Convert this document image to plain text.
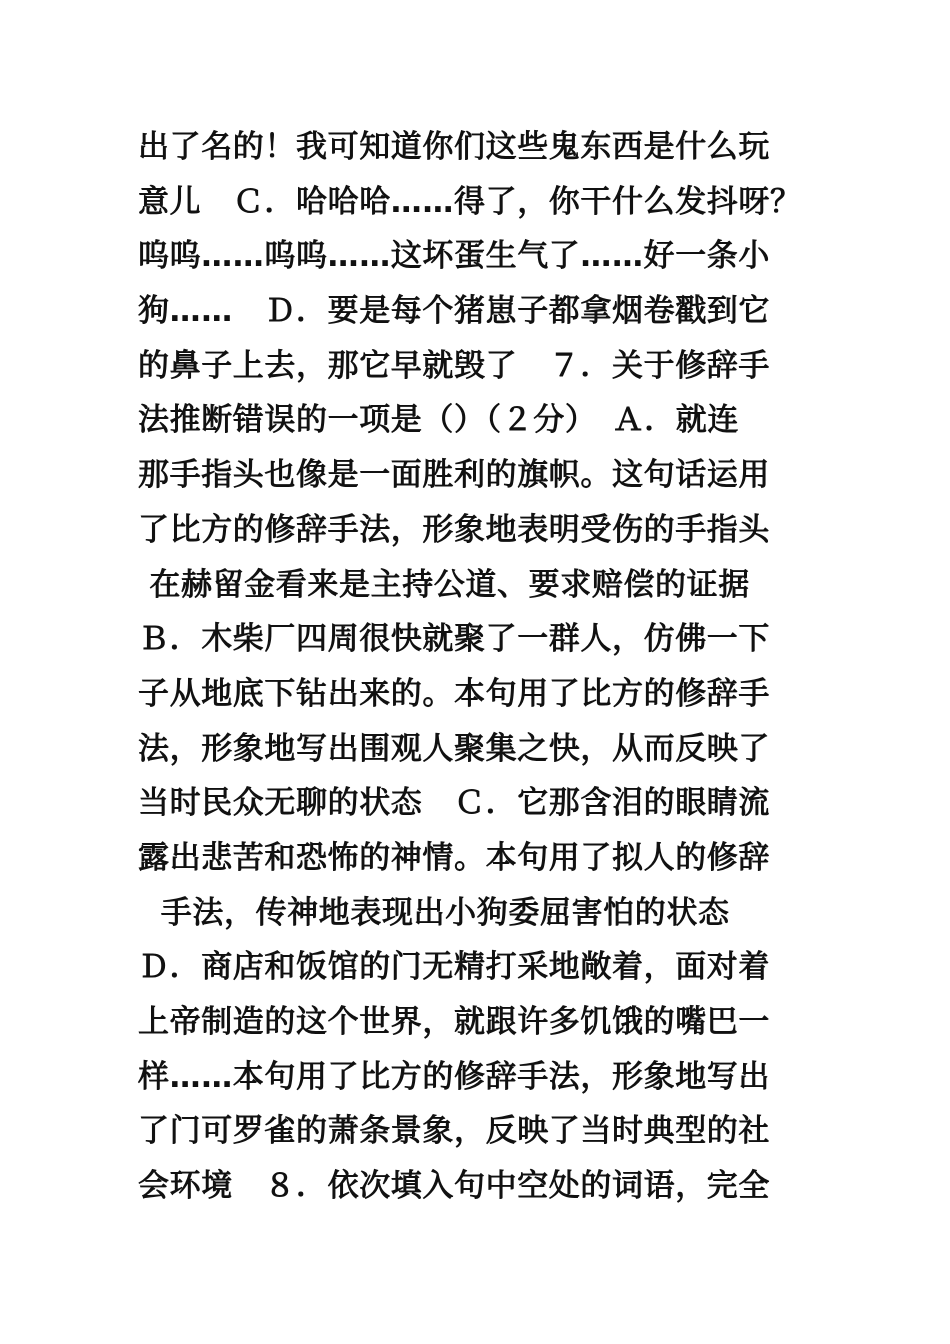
出了名的！我可知道你们这些鬼东西是什么玩
意儿　Ｃ．哈哈哈……得了，你干什么发抖呀？
呜呜……呜呜……这坏蛋生气了……好一条小
狗……　Ｄ．要是每个猪崽子都拿烟卷戳到它
的鼻子上去，那它早就毁了　７．关于修辞手
法推断错误的一项是（）（２分）　Ａ．就连
那手指头也像是一面胜利的旗帜。这句话运用
了比方的修辞手法，形象地表明受伤的手指头
在赫留金看来是主持公道、要求赔偿的证据
Ｂ．木柴厂四周很快就聚了一群人，仿佛一下
子从地底下钻出来的。本句用了比方的修辞手
法，形象地写出围观人聚集之快，从而反映了
当时民众无聊的状态　Ｃ．它那含泪的眼睛流
露出悲苦和恐怖的神情。本句用了拟人的修辞
手法，传神地表现出小狗委屈害怕的状态
Ｄ．商店和饭馆的门无精打采地敞着，面对着
上帝制造的这个世界，就跟许多饥饿的嘴巴一
样……本句用了比方的修辞手法，形象地写出
了门可罗雀的萧条景象，反映了当时典型的社
会环境　８．依次填入句中空处的词语，完全
